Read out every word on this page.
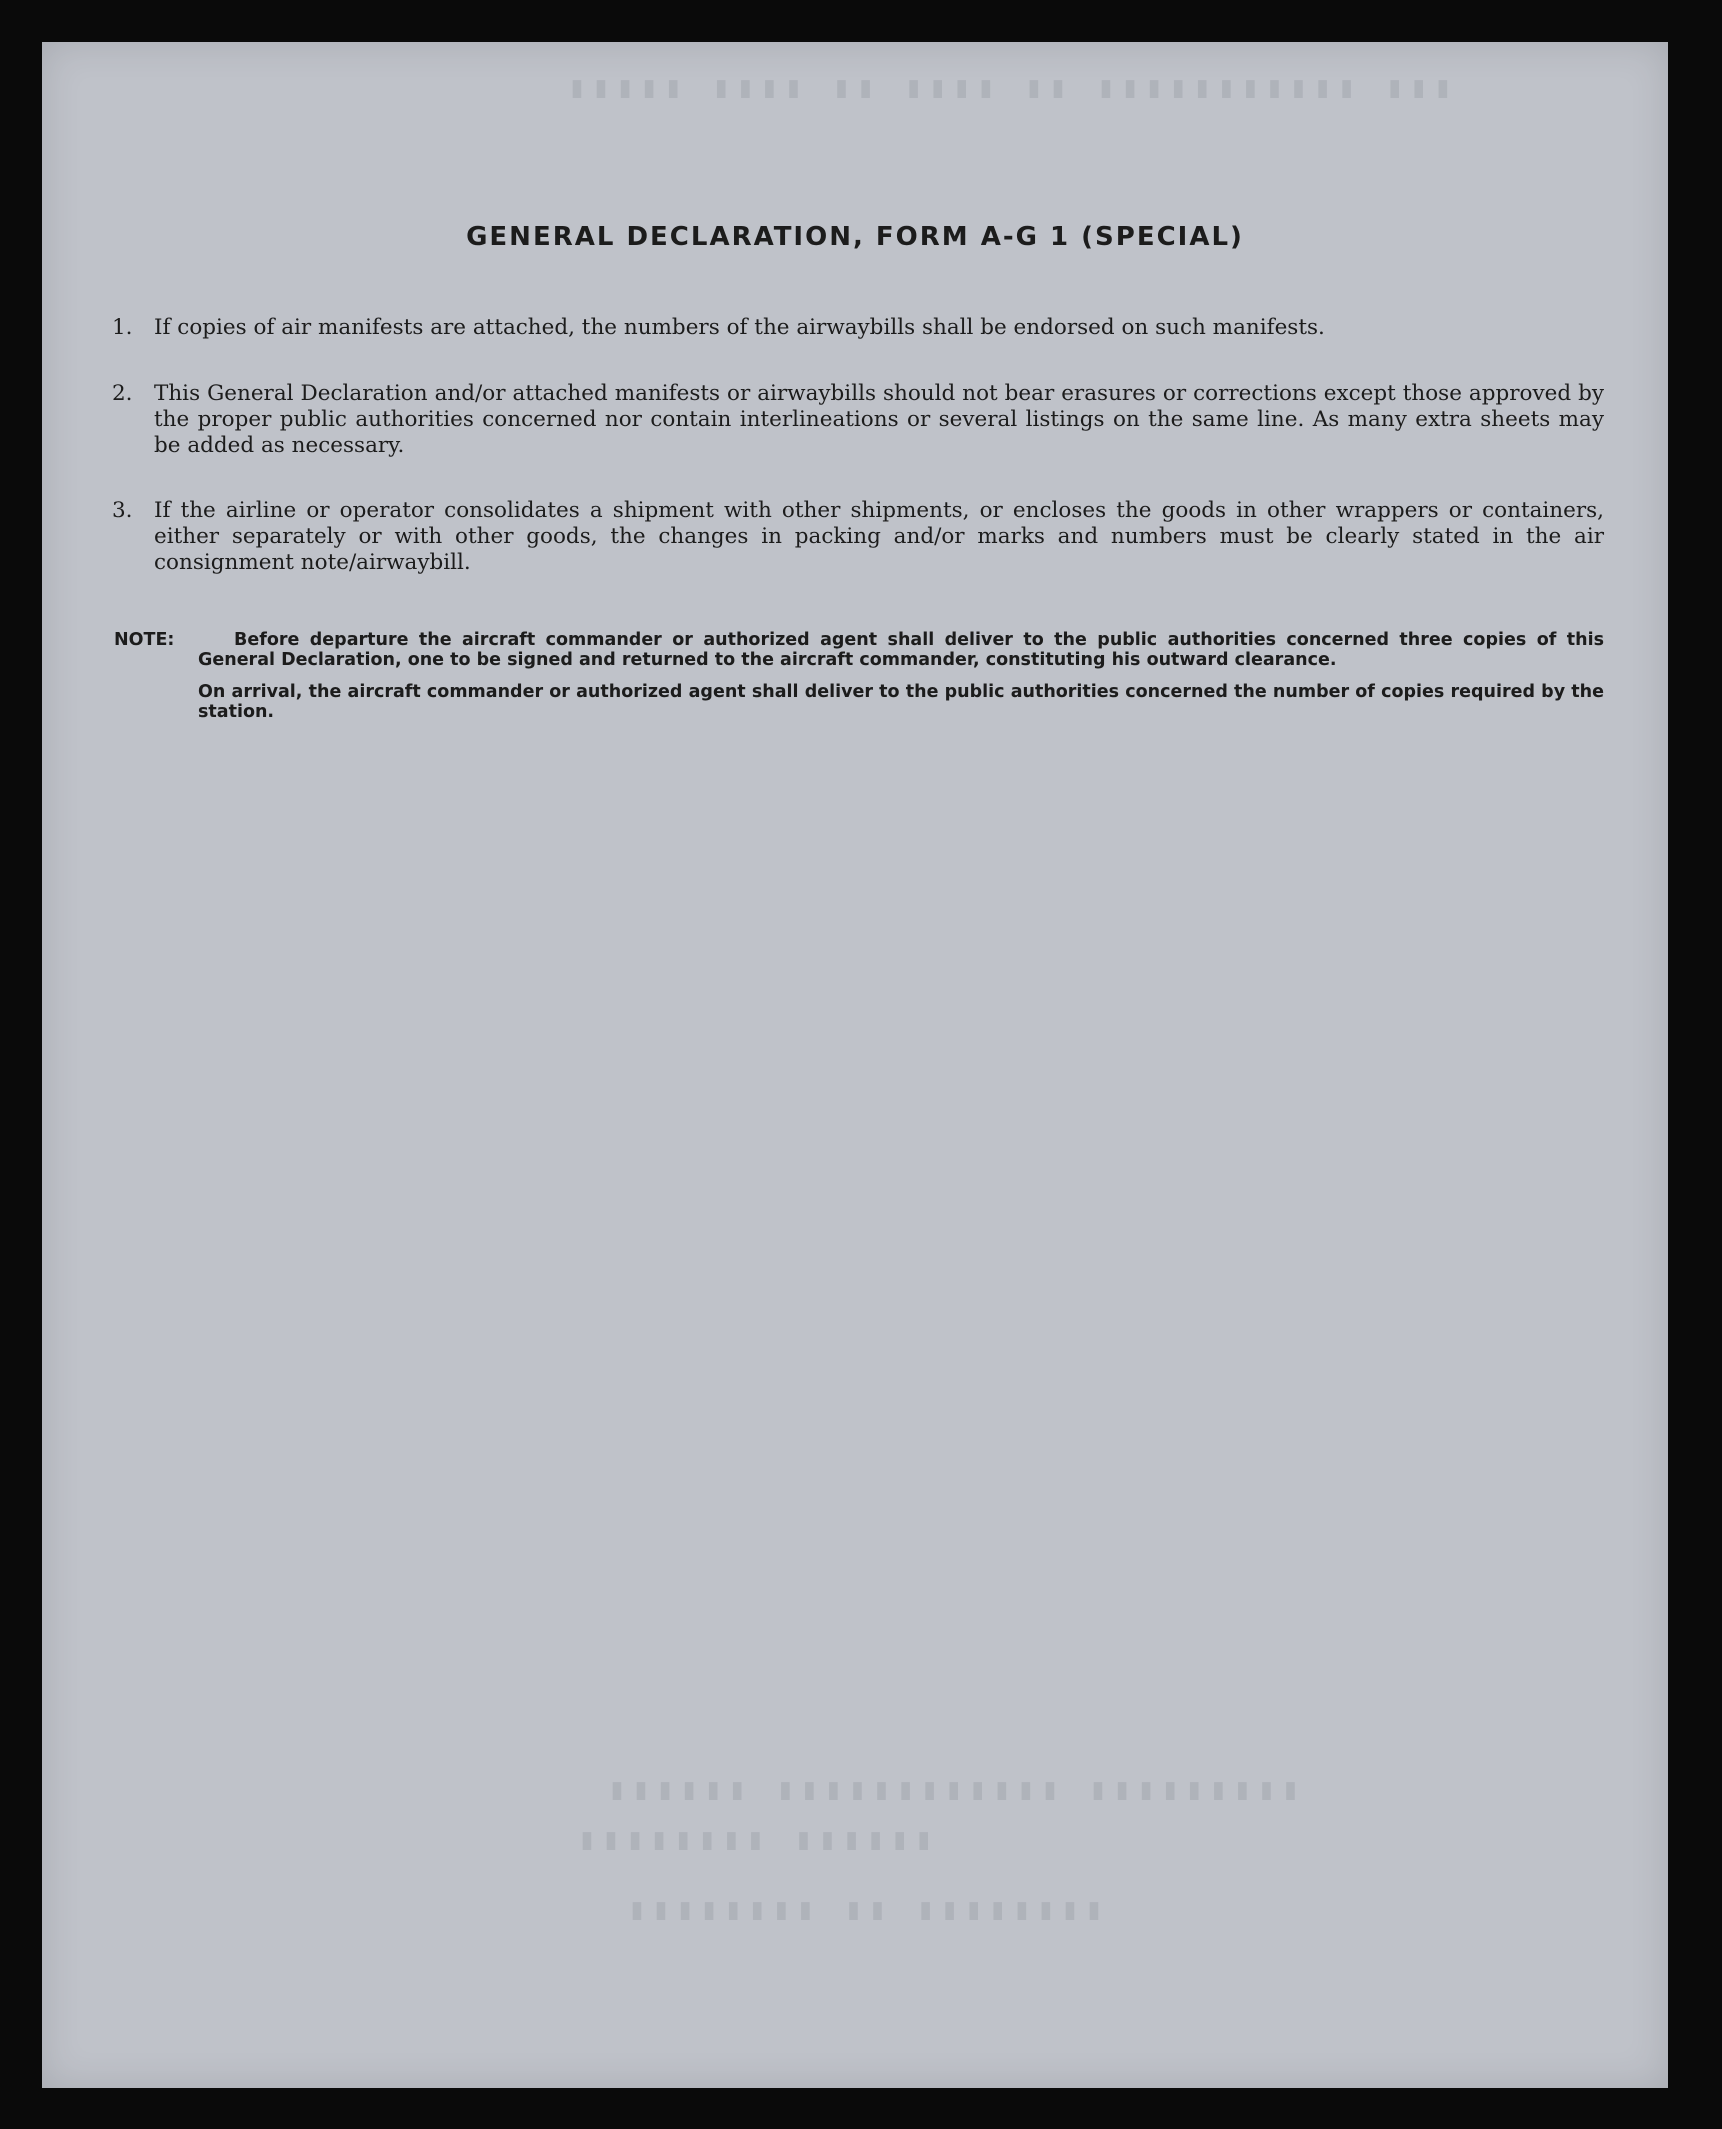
▮▮▮ ▮▮▮▮▮▮▮▮▮▮▮ ▮▮ ▮▮▮▮ ▮▮ ▮▮▮▮ ▮▮▮▮▮
▮▮▮▮▮▮▮▮▮ ▮▮▮▮▮▮▮▮▮▮▮▮ ▮▮▮▮▮▮
▮▮▮▮▮▮▮▮ ▮▮ ▮▮▮▮▮▮▮▮
▮▮▮▮▮▮ ▮▮▮▮▮▮▮▮
GENERAL DECLARATION, FORM A-G 1 (SPECIAL)
1. If copies of air manifests are attached, the numbers of the airwaybills shall be endorsed on such manifests.
2. This General Declaration and/or attached manifests or airwaybills should not bear erasures or corrections except those approved by the proper public authorities concerned nor contain interlineations or several listings on the same line. As many extra sheets may be added as necessary.
3. If the airline or operator consolidates a shipment with other shipments, or encloses the goods in other wrappers or containers, either separately or with other goods, the changes in packing and/or marks and numbers must be clearly stated in the air consignment note/airwaybill.
NOTE:	Before departure the aircraft commander or authorized agent shall deliver to the public authorities concerned three copies of this General Declaration, one to be signed and returned to the aircraft commander, constituting his outward clearance.
On arrival, the aircraft commander or authorized agent shall deliver to the public authorities concerned the number of copies required by the station.
